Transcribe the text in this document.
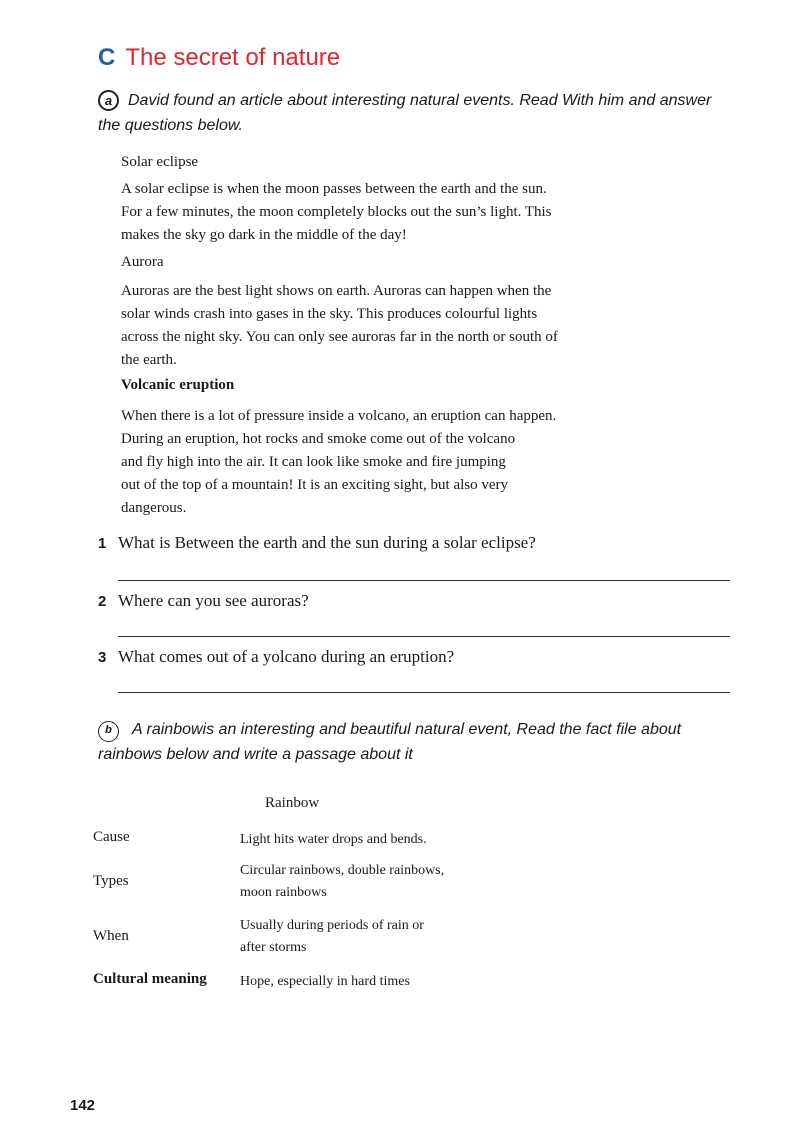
C The secret of nature
a David found an article about interesting natural events. Read With him and answer
the questions below.
Solar eclipse
A solar eclipse is when the moon passes between the earth and the sun.
For a few minutes, the moon completely blocks out the sun’s light. This
makes the sky go dark in the middle of the day!
Aurora
Auroras are the best light shows on earth. Auroras can happen when the
solar winds crash into gases in the sky. This produces colourful lights
across the night sky. You can only see auroras far in the north or south of
the earth.
Volcanic eruption
When there is a lot of pressure inside a volcano, an eruption can happen.
During an eruption, hot rocks and smoke come out of the volcano
and fly high into the air. It can look like smoke and fire jumping
out of the top of a mountain! It is an exciting sight, but also very
dangerous.
1 What is Between the earth and the sun during a solar eclipse?
2 Where can you see auroras?
3 What comes out of a yolcano during an eruption?
b	A rainbowis an interesting and beautiful natural event, Read the fact file about
rainbows below and write a passage about it
Rainbow
Cause	Light hits water drops and bends.
Types
Circular rainbows, double rainbows,
moon rainbows
When
Usually during periods of rain or
after storms
Cultural meaning Hope, especially in hard times
142
